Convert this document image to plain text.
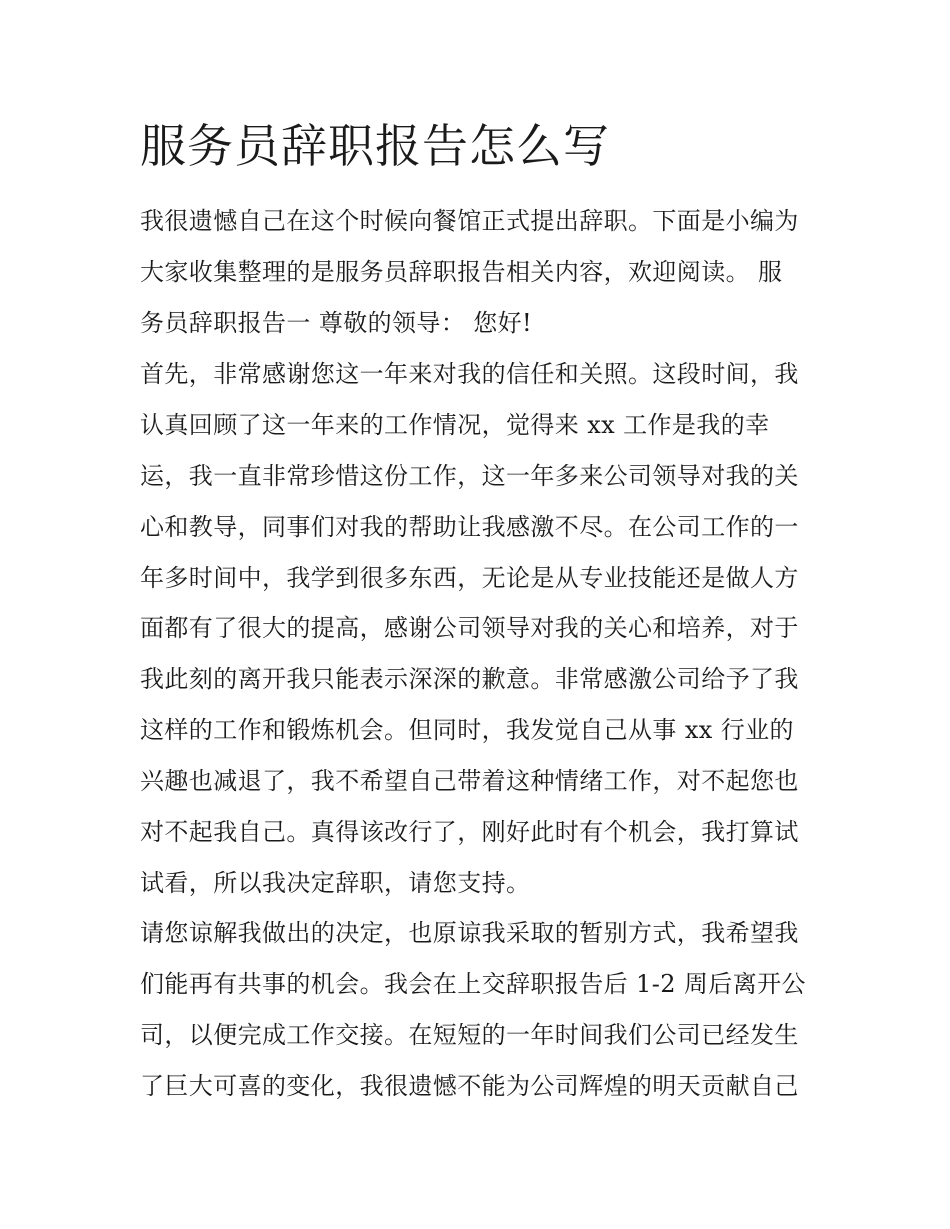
服务员辞职报告怎么写

我很遗憾自己在这个时候向餐馆正式提出辞职。下面是小编为

大家收集整理的是服务员辞职报告相关内容，欢迎阅读。 服

务员辞职报告一 尊敬的领导： 您好!

首先，非常感谢您这一年来对我的信任和关照。这段时间，我

认真回顾了这一年来的工作情况，觉得来 xx 工作是我的幸

运，我一直非常珍惜这份工作，这一年多来公司领导对我的关

心和教导，同事们对我的帮助让我感激不尽。在公司工作的一

年多时间中，我学到很多东西，无论是从专业技能还是做人方

面都有了很大的提高，感谢公司领导对我的关心和培养，对于

我此刻的离开我只能表示深深的歉意。非常感激公司给予了我

这样的工作和锻炼机会。但同时，我发觉自己从事 xx 行业的

兴趣也减退了，我不希望自己带着这种情绪工作，对不起您也

对不起我自己。真得该改行了，刚好此时有个机会，我打算试

试看，所以我决定辞职，请您支持。

请您谅解我做出的决定，也原谅我采取的暂别方式，我希望我

们能再有共事的机会。我会在上交辞职报告后 1-2 周后离开公

司，以便完成工作交接。在短短的一年时间我们公司已经发生

了巨大可喜的变化，我很遗憾不能为公司辉煌的明天贡献自己
